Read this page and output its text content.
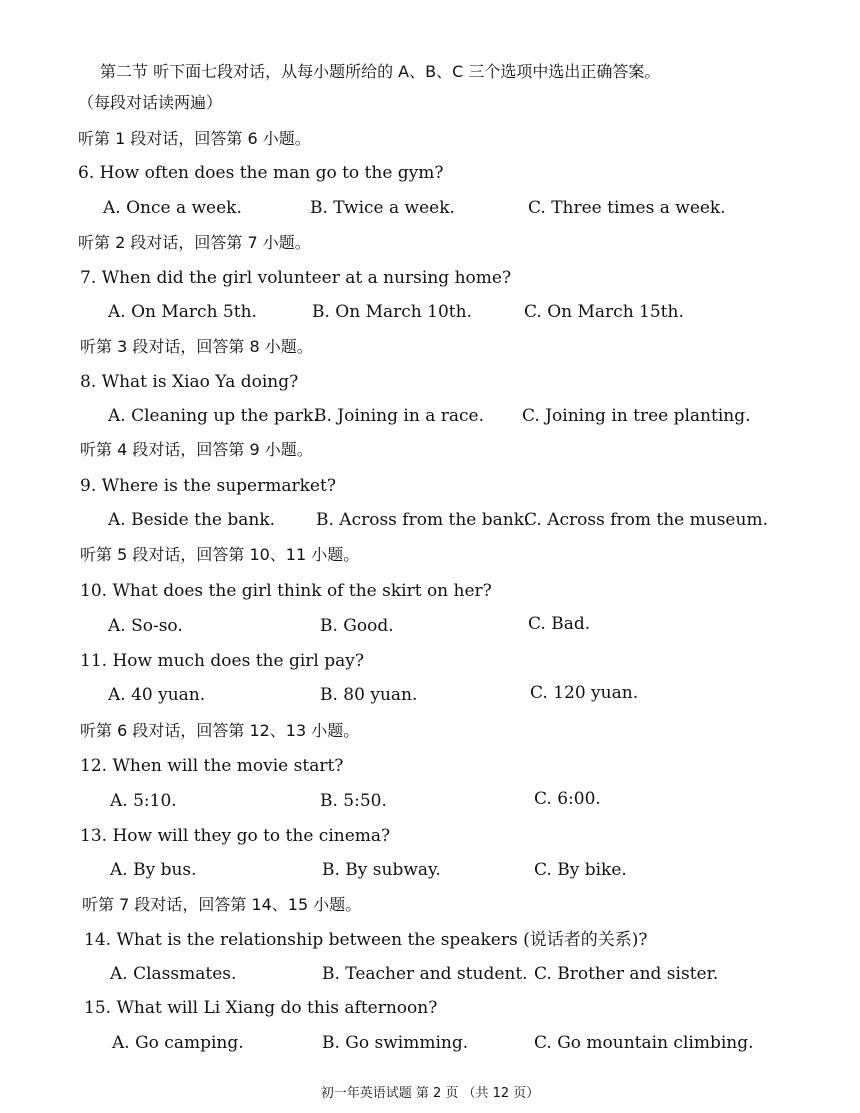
第二节 听下面七段对话，从每小题所给的 A、B、C 三个选项中选出正确答案。
（每段对话读两遍）
听第 1 段对话，回答第 6 小题。
6. How often does the man go to the gym?
A. Once a week.	B. Twice a week.	C. Three times a week.
听第 2 段对话，回答第 7 小题。
7. When did the girl volunteer at a nursing home?
A. On March 5th.	B. On March 10th.	C. On March 15th.
听第 3 段对话，回答第 8 小题。
8. What is Xiao Ya doing?
A. Cleaning up the park.
B. Joining in a race. C. Joining in tree planting.
听第 4 段对话，回答第 9 小题。
9. Where is the supermarket?
A. Beside the bank. B. Across from the bank.
C. Across from the museum.
听第 5 段对话，回答第 10、11 小题。
10. What does the girl think of the skirt on her?
A. So-so.	B. Good.	C. Bad.
11. How much does the girl pay?
A. 40 yuan.	B. 80 yuan.	C. 120 yuan.
听第 6 段对话，回答第 12、13 小题。
12. When will the movie start?
A. 5:10.	B. 5:50.	C. 6:00.
13. How will they go to the cinema?
A. By bus.	B. By subway.	C. By bike.
听第 7 段对话，回答第 14、15 小题。
14. What is the relationship between the speakers (说话者的关系)?
A. Classmates.	B. Teacher and student. C. Brother and sister.
15. What will Li Xiang do this afternoon?
A. Go camping.	B. Go swimming.	C. Go mountain climbing.
初一年英语试题 第 2 页 （共 12 页）
